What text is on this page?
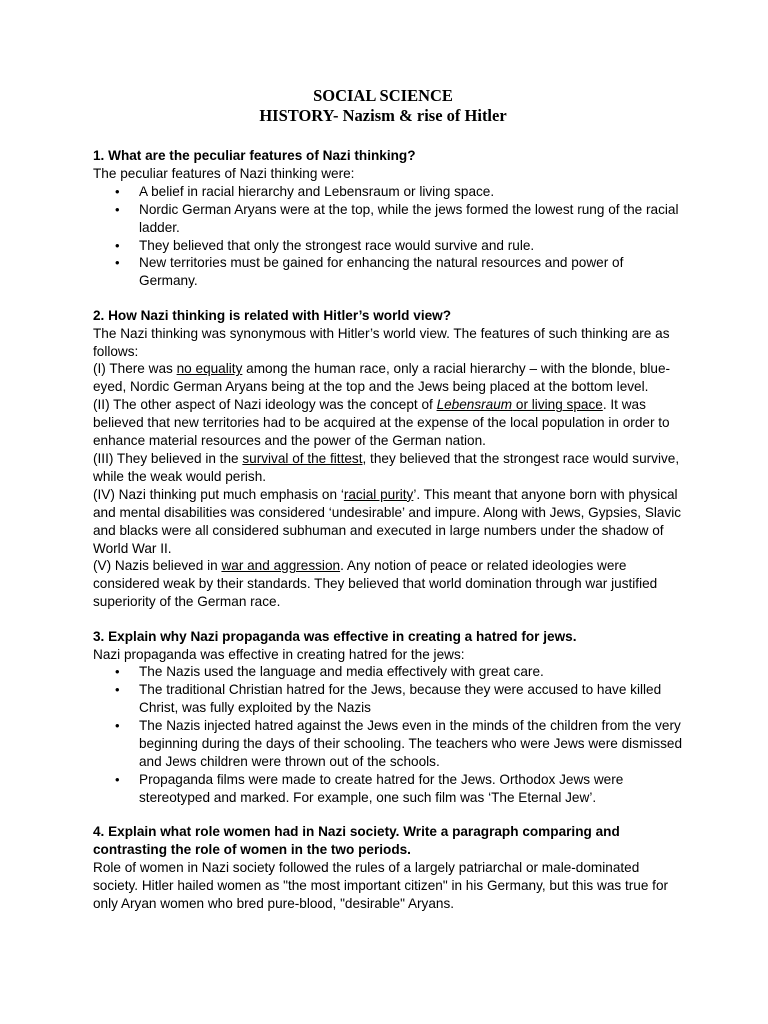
SOCIAL SCIENCE
HISTORY- Nazism & rise of Hitler

1. What are the peculiar features of Nazi thinking?

The peculiar features of Nazi thinking were:

• A belief in racial hierarchy and Lebensraum or living space.
• Nordic German Aryans were at the top, while the jews formed the lowest rung of the racial ladder.
• They believed that only the strongest race would survive and rule.
• New territories must be gained for enhancing the natural resources and power of Germany.

2. How Nazi thinking is related with Hitler’s world view?

The Nazi thinking was synonymous with Hitler’s world view. The features of such thinking are as follows:

(I) There was no equality among the human race, only a racial hierarchy – with the blonde, blue-eyed, Nordic German Aryans being at the top and the Jews being placed at the bottom level.

(II) The other aspect of Nazi ideology was the concept of Lebensraum or living space. It was believed that new territories had to be acquired at the expense of the local population in order to enhance material resources and the power of the German nation.

(III) They believed in the survival of the fittest, they believed that the strongest race would survive, while the weak would perish.

(IV) Nazi thinking put much emphasis on ‘racial purity’. This meant that anyone born with physical and mental disabilities was considered ‘undesirable’ and impure. Along with Jews, Gypsies, Slavic and blacks were all considered subhuman and executed in large numbers under the shadow of World War II.

(V) Nazis believed in war and aggression. Any notion of peace or related ideologies were considered weak by their standards. They believed that world domination through war justified superiority of the German race.

3. Explain why Nazi propaganda was effective in creating a hatred for jews.

Nazi propaganda was effective in creating hatred for the jews:

• The Nazis used the language and media effectively with great care.
• The traditional Christian hatred for the Jews, because they were accused to have killed Christ, was fully exploited by the Nazis
• The Nazis injected hatred against the Jews even in the minds of the children from the very beginning during the days of their schooling. The teachers who were Jews were dismissed and Jews children were thrown out of the schools.
• Propaganda films were made to create hatred for the Jews. Orthodox Jews were stereotyped and marked. For example, one such film was ‘The Eternal Jew’.

4. Explain what role women had in Nazi society. Write a paragraph comparing and contrasting the role of women in the two periods.

Role of women in Nazi society followed the rules of a largely patriarchal or male-dominated society. Hitler hailed women as "the most important citizen" in his Germany, but this was true for only Aryan women who bred pure-blood, "desirable" Aryans.
